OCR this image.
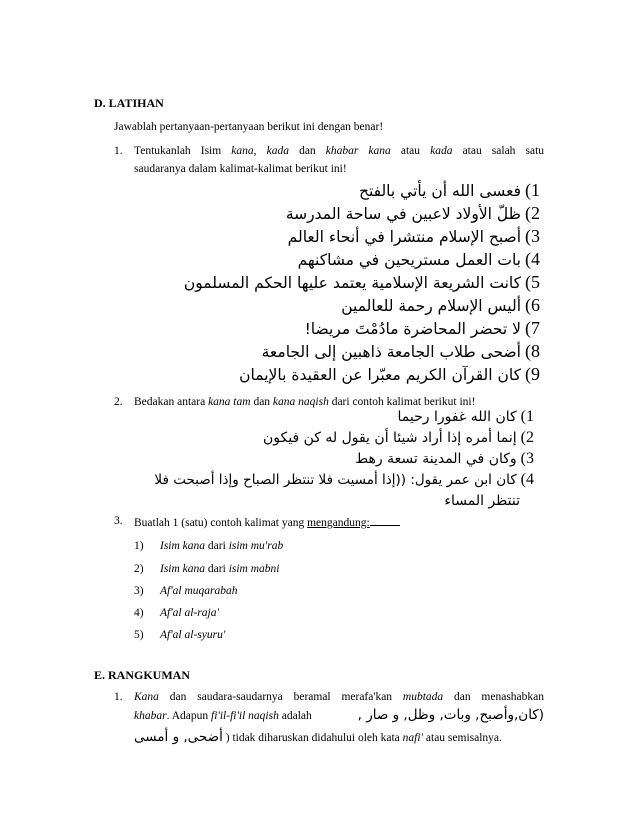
D. LATIHAN
Jawablah pertanyaan-pertanyaan berikut ini dengan benar!
1. Tentukanlah Isim kana, kada dan khabar kana atau kada atau salah satu
saudaranya dalam kalimat-kalimat berikut ini!
1)فعسى الله أن يأتي بالفتح
2)ظلّ الأولاد لاعبين في ساحة المدرسة
3)أصبح الإسلام منتشرا في أنحاء العالم
4)بات العمل مستريحين في مشاكنهم
5)كانت الشريعة الإسلامية يعتمد عليها الحكم المسلمون
6)أليس الإسلام رحمة للعالمين
7)لا تحضر المحاضرة مادُمْتَ مريضا!
8)أضحى طلاب الجامعة ذاهبين إلى الجامعة
9)كان القرآن الكريم معبّرا عن العقيدة بالإيمان
2. Bedakan antara kana tam dan kana naqish dari contoh kalimat berikut ini!
1)كان الله غفورا رحيما
2)إنما أمره إذا أراد شيئا أن يقول له كن فيكون
3)وكان في المدينة تسعة رهط
4)كان ابن عمر يقول: ((إذا أمسيت فلا تنتظر الصباح وإذا أصبحت فلا
تنتظر المساء
3. Buatlah 1 (satu) contoh kalimat yang mengandung:
1) Isim kana dari isim mu'rab
2) Isim kana dari isim mabni
3) Af'al muqarabah
4) Af'al al-raja'
5) Af'al al-syuru'
E. RANGKUMAN
1. Kana dan saudara-saudarnya beramal merafa'kan mubtada dan menashabkan
khabar. Adapun fi'il-fi'il naqish adalah	(كان,وأصبح, وبات, وظل, و صار ,
أضحى, و أمسى ) tidak diharuskan didahului oleh kata nafi' atau semisalnya.
